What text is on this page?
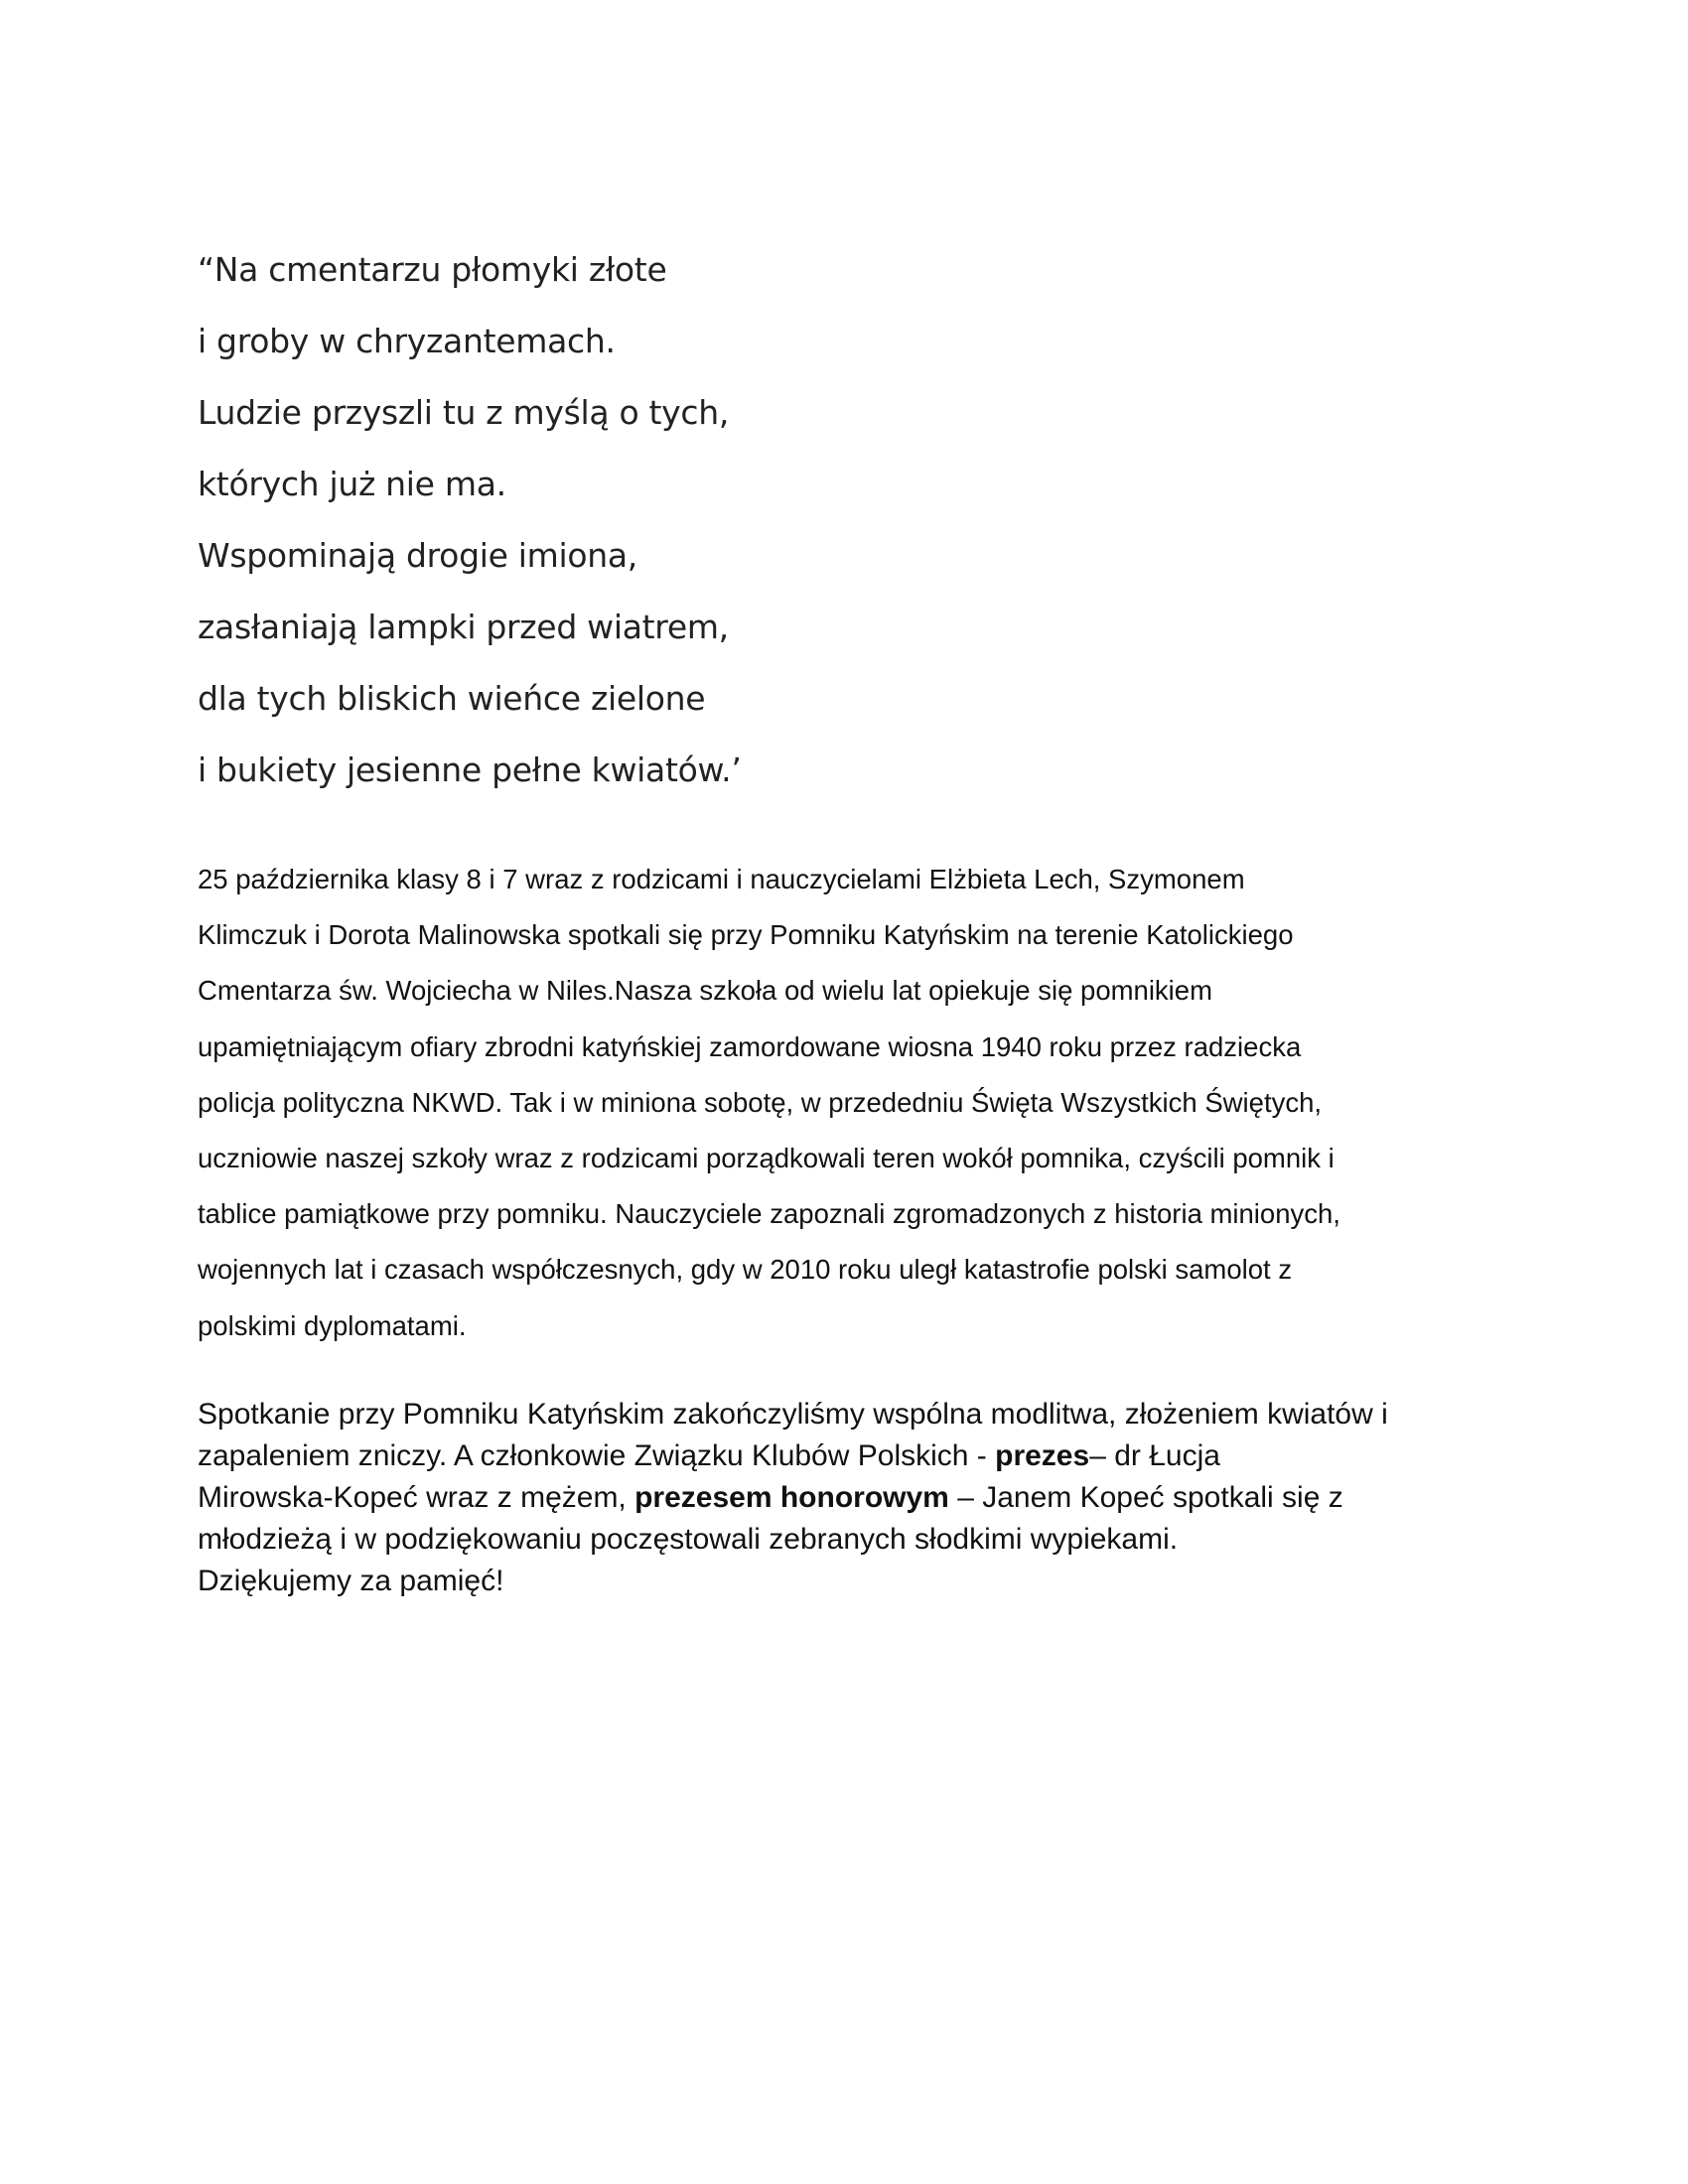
“Na cmentarzu płomyki złote
i groby w chryzantemach.
Ludzie przyszli tu z myślą o tych,
których już nie ma.
Wspominają drogie imiona,
zasłaniają lampki przed wiatrem,
dla tych bliskich wieńce zielone
i bukiety jesienne pełne kwiatów.’
25 października klasy 8 i 7 wraz z rodzicami i nauczycielami Elżbieta Lech, Szymonem
Klimczuk i Dorota Malinowska spotkali się przy Pomniku Katyńskim na terenie Katolickiego
Cmentarza św. Wojciecha w Niles.Nasza szkoła od wielu lat opiekuje się pomnikiem
upamiętniającym ofiary zbrodni katyńskiej zamordowane wiosna 1940 roku przez radziecka
policja polityczna NKWD. Tak i w miniona sobotę, w przededniu Święta Wszystkich Świętych,
uczniowie naszej szkoły wraz z rodzicami porządkowali teren wokół pomnika, czyścili pomnik i
tablice pamiątkowe przy pomniku. Nauczyciele zapoznali zgromadzonych z historia minionych,
wojennych lat i czasach współczesnych, gdy w 2010 roku uległ katastrofie polski samolot z
polskimi dyplomatami.
Spotkanie przy Pomniku Katyńskim zakończyliśmy wspólna modlitwa, złożeniem kwiatów i
zapaleniem zniczy. A członkowie Związku Klubów Polskich - prezes– dr Łucja
Mirowska-Kopeć wraz z mężem, prezesem honorowym – Janem Kopeć spotkali się z
młodzieżą i w podziękowaniu poczęstowali zebranych słodkimi wypiekami.
Dziękujemy za pamięć!
